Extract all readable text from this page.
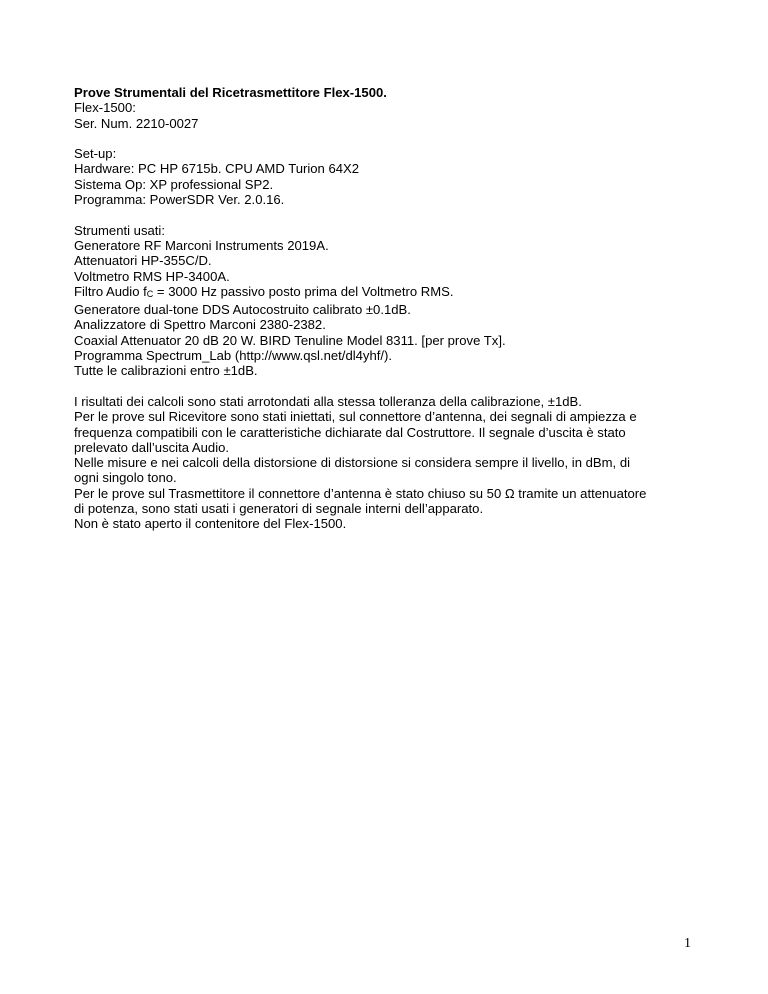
Prove Strumentali del Ricetrasmettitore Flex-1500.
Flex-1500:
Ser. Num. 2210-0027
Set-up:
Hardware: PC HP 6715b. CPU AMD Turion 64X2
Sistema Op: XP professional SP2.
Programma: PowerSDR Ver. 2.0.16.
Strumenti usati:
Generatore RF Marconi Instruments 2019A.
Attenuatori HP-355C/D.
Voltmetro RMS HP-3400A.
Filtro Audio fC = 3000 Hz passivo posto prima del Voltmetro RMS.
Generatore dual-tone DDS Autocostruito calibrato ±0.1dB.
Analizzatore di Spettro Marconi 2380-2382.
Coaxial Attenuator 20 dB 20 W. BIRD Tenuline Model 8311. [per prove Tx].
Programma Spectrum_Lab (http://www.qsl.net/dl4yhf/).
Tutte le calibrazioni entro ±1dB.
I risultati dei calcoli sono stati arrotondati alla stessa tolleranza della calibrazione, ±1dB.
Per le prove sul Ricevitore sono stati iniettati, sul connettore d’antenna, dei segnali di ampiezza e
frequenza compatibili con le caratteristiche dichiarate dal Costruttore. Il segnale d’uscita è stato
prelevato dall’uscita Audio.
Nelle misure e nei calcoli della distorsione di distorsione si considera sempre il livello, in dBm, di
ogni singolo tono.
Per le prove sul Trasmettitore il connettore d’antenna è stato chiuso su 50 Ω tramite un attenuatore
di potenza, sono stati usati i generatori di segnale interni dell’apparato.
Non è stato aperto il contenitore del Flex-1500.
1
